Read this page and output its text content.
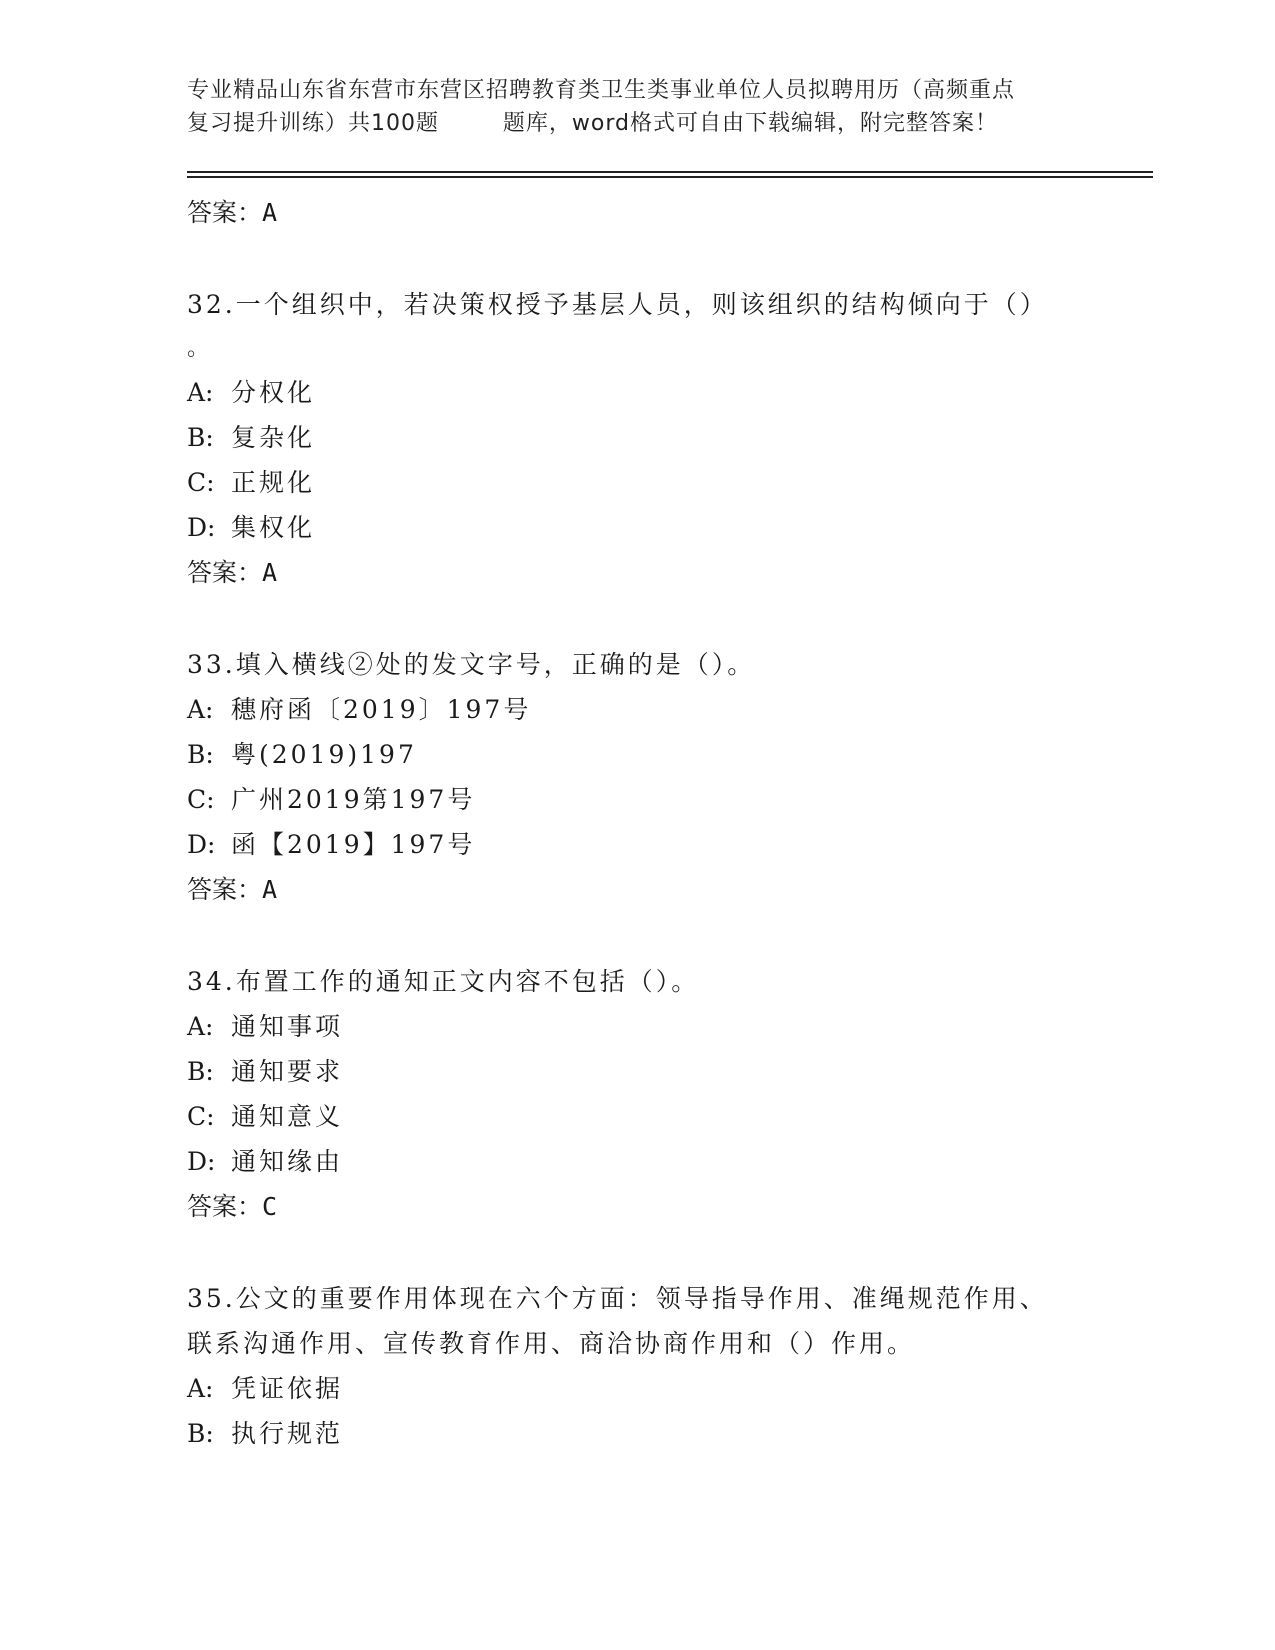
专业精品山东省东营市东营区招聘教育类卫生类事业单位人员拟聘用历（高频重点
复习提升训练）共100题        题库，word格式可自由下载编辑，附完整答案！
答案：A
32.一个组织中，若决策权授予基层人员，则该组织的结构倾向于（）
。
A: 分权化
B: 复杂化
C: 正规化
D: 集权化
答案：A
33.填入横线②处的发文字号，正确的是（）。
A: 穗府函〔2019〕197号
B: 粤(2019)197
C: 广州2019第197号
D: 函【2019】197号
答案：A
34.布置工作的通知正文内容不包括（）。
A: 通知事项
B: 通知要求
C: 通知意义
D: 通知缘由
答案：C
35.公文的重要作用体现在六个方面：领导指导作用、准绳规范作用、
联系沟通作用、宣传教育作用、商洽协商作用和（）作用。
A: 凭证依据
B: 执行规范
